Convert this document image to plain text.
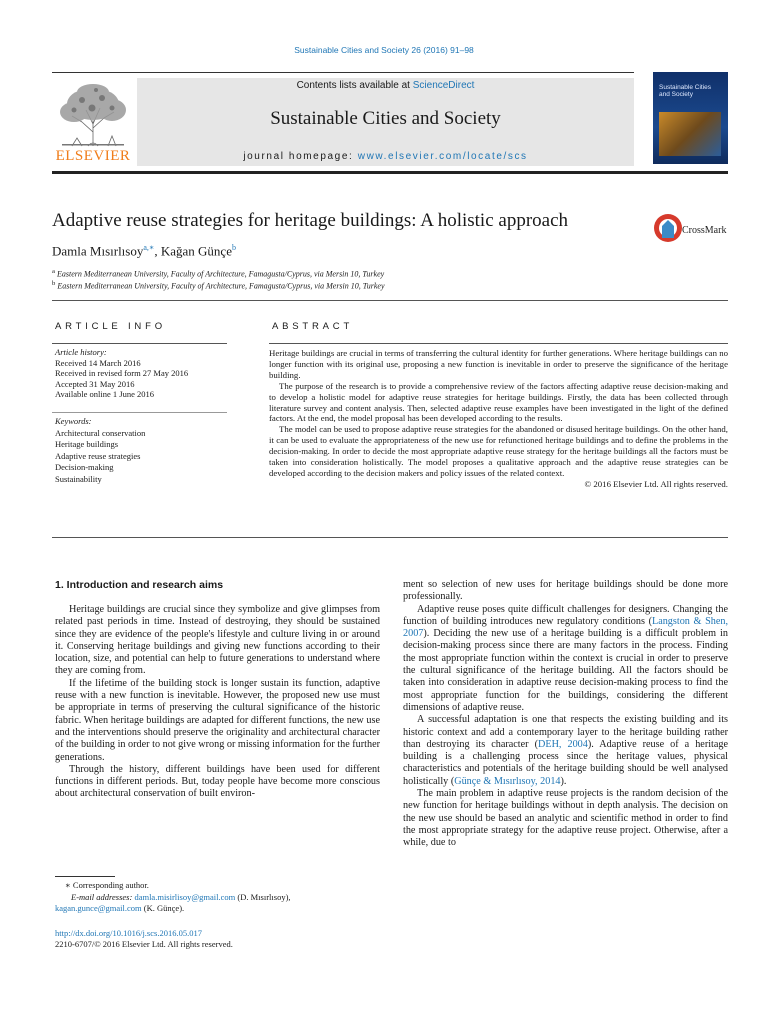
Sustainable Cities and Society 26 (2016) 91–98
ELSEVIER
Contents lists available at ScienceDirect
Sustainable Cities and Society
journal homepage: www.elsevier.com/locate/scs
Sustainable Cities and Society
Adaptive reuse strategies for heritage buildings: A holistic approach	CrossMark
Damla Mısırlısoy$^{a,∗}$, Kağan Günçe$^b$
$^a$ Eastern Mediterranean University, Faculty of Architecture, Famagusta/Cyprus, via Mersin 10, Turkey
$^b$ Eastern Mediterranean University, Faculty of Architecture, Famagusta/Cyprus, via Mersin 10, Turkey
ARTICLE INFO
Article history:
Received 14 March 2016
Received in revised form 27 May 2016
Accepted 31 May 2016
Available online 1 June 2016
Keywords:
Architectural conservation
Heritage buildings
Adaptive reuse strategies
Decision-making
Sustainability
ABSTRACT

Heritage buildings are crucial in terms of transferring the cultural identity for further generations. Where heritage buildings can no longer function with its original use, proposing a new function is inevitable in order to preserve the significance of the heritage building.

The purpose of the research is to provide a comprehensive review of the factors affecting adaptive reuse decision-making and to develop a holistic model for adaptive reuse strategies for heritage buildings. Firstly, the data has been collected through literature survey and content analysis. Then, selected adaptive reuse examples have been investigated in the light of the defined factors. At the end, the model proposal has been developed according to the results.

The model can be used to propose adaptive reuse strategies for the abandoned or disused heritage buildings. On the other hand, it can be used to evaluate the appropriateness of the new use for refunctioned heritage buildings and to define the problems in the decision-making. In order to decide the most appropriate adaptive reuse strategy for the heritage buildings all the factors must be taken into consideration holistically. The model proposes a qualitative approach and the adaptive reuse strategies can be developed according to the decision makers and policy issues of the related context.

© 2016 Elsevier Ltd. All rights reserved.

1. Introduction and research aims

Heritage buildings are crucial since they symbolize and give glimpses from related past periods in time. Instead of destroying, they should be sustained since they are evidence of the people's lifestyle and culture living in or around it. Conserving heritage buildings and giving new functions according to their location, size, and potential can help to future generations to understand where they are coming from.

If the lifetime of the building stock is longer sustain its function, adaptive reuse with a new function is inevitable. However, the proposed new use must be appropriate in terms of preserving the cultural significance of the historic fabric. When heritage buildings are adapted for different functions, the new use and the interventions should preserve the originality and architectural character of the building in order to not give wrong or missing information for the further generations.

Through the history, different buildings have been used for different functions in different periods. But, today people have become more conscious about architectural conservation of built environ-

ment so selection of new uses for heritage buildings should be done more professionally.

Adaptive reuse poses quite difficult challenges for designers. Changing the function of building introduces new regulatory conditions (Langston & Shen, 2007). Deciding the new use of a heritage building is a difficult problem in decision-making process since there are many factors in the process. Finding the most appropriate function within the context is crucial in order to preserve the cultural significance of the heritage building. All the factors should be taken into consideration in adaptive reuse decision-making process to find the most appropriate function for the buildings, considering the different dimensions of adaptive reuse.

A successful adaptation is one that respects the existing building and its historic context and add a contemporary layer to the heritage building rather than destroying its character (DEH, 2004). Adaptive reuse of a heritage building is a challenging process since the heritage values, physical characteristics and potentials of the heritage building should be well analysed holistically (Günçe & Mısırlısoy, 2014).

The main problem in adaptive reuse projects is the random decision of the new function for heritage buildings without in depth analysis. The decision on the new use should be based an analytic and scientific method in order to find the most appropriate strategy for the adaptive reuse project. Otherwise, after a while, due to

∗ Corresponding author.
E-mail addresses: damla.misirlisoy@gmail.com (D. Mısırlısoy),
kagan.gunce@gmail.com (K. Günçe).
http://dx.doi.org/10.1016/j.scs.2016.05.017
2210-6707/© 2016 Elsevier Ltd. All rights reserved.
